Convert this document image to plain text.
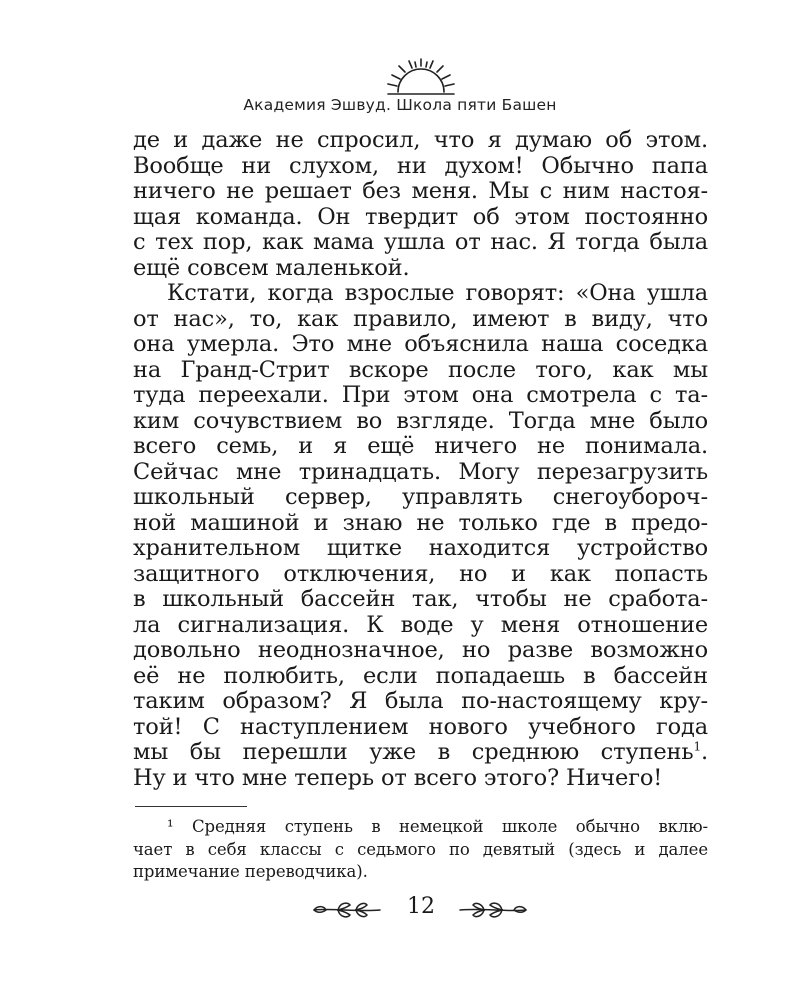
Академия Эшвуд. Школа пяти Башен
де и даже не спросил, что я думаю об этом.
Вообще ни слухом, ни духом! Обычно папа
ничего не решает без меня. Мы с ним настоя-
щая команда. Он твердит об этом постоянно
с тех пор, как мама ушла от нас. Я тогда была
ещё совсем маленькой.
Кстати, когда взрослые говорят: «Она ушла
от нас», то, как правило, имеют в виду, что
она умерла. Это мне объяснила наша соседка
на Гранд-Стрит вскоре после того, как мы
туда переехали. При этом она смотрела с та-
ким сочувствием во взгляде. Тогда мне было
всего семь, и я ещё ничего не понимала.
Сейчас мне тринадцать. Могу перезагрузить
школьный сервер, управлять снегоубороч-
ной машиной и знаю не только где в предо-
хранительном щитке находится устройство
защитного отключения, но и как попасть
в школьный бассейн так, чтобы не сработа-
ла сигнализация. К воде у меня отношение
довольно неоднозначное, но разве возможно
её не полюбить, если попадаешь в бассейн
таким образом? Я была по-настоящему кру-
той! С наступлением нового учебного года
мы бы перешли уже в среднюю ступень$^1$.
Ну и что мне теперь от всего этого? Ничего!
¹ Средняя ступень в немецкой школе обычно вклю-
чает в себя классы с седьмого по девятый (здесь и далее
примечание переводчика).
12
